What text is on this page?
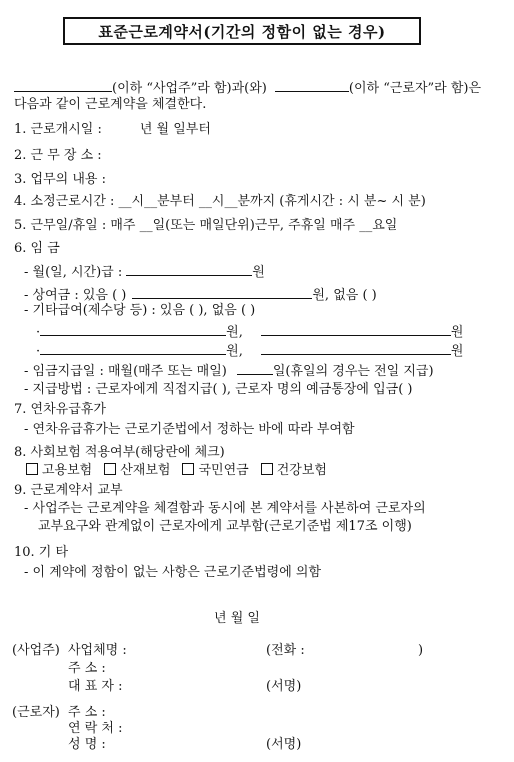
표준근로계약서(기간의 정함이 없는 경우)
(이하 “사업주”라 함)과(와)	(이하 “근로자”라 함)은
다음과 같이 근로계약을 체결한다.
1. 근로개시일 :	년 월 일부터
2. 근 무 장 소 :
3. 업무의 내용 :
4. 소정근로시간 : __시__분부터 __시__분까지 (휴게시간 : 시 분~ 시 분)
5. 근무일/휴일 : 매주 __일(또는 매일단위)근무, 주휴일 매주 __요일
6. 임 금
- 월(일, 시간)급 :	원
- 상여금 : 있음 ( )	원, 없음 ( )
- 기타급여(제수당 등) : 있음 ( ), 없음 ( )
·	원,	원
·	원,	원
- 임금지급일 : 매월(매주 또는 매일)	일(휴일의 경우는 전일 지급)
- 지급방법 : 근로자에게 직접지급( ), 근로자 명의 예금통장에 입금( )
7. 연차유급휴가
- 연차유급휴가는 근로기준법에서 정하는 바에 따라 부여함
8. 사회보험 적용여부(해당란에 체크)
고용보험 산재보험 국민연금 건강보험
9. 근로계약서 교부
- 사업주는 근로계약을 체결함과 동시에 본 계약서를 사본하여 근로자의
교부요구와 관계없이 근로자에게 교부함(근로기준법 제17조 이행)
10. 기 타
- 이 계약에 정함이 없는 사항은 근로기준법령에 의함
년 월 일
(사업주) 사업체명 :	(전화 :	)
주 소 :
대 표 자 :	(서명)
(근로자) 주 소 :
연 락 처 :
성 명 :	(서명)
